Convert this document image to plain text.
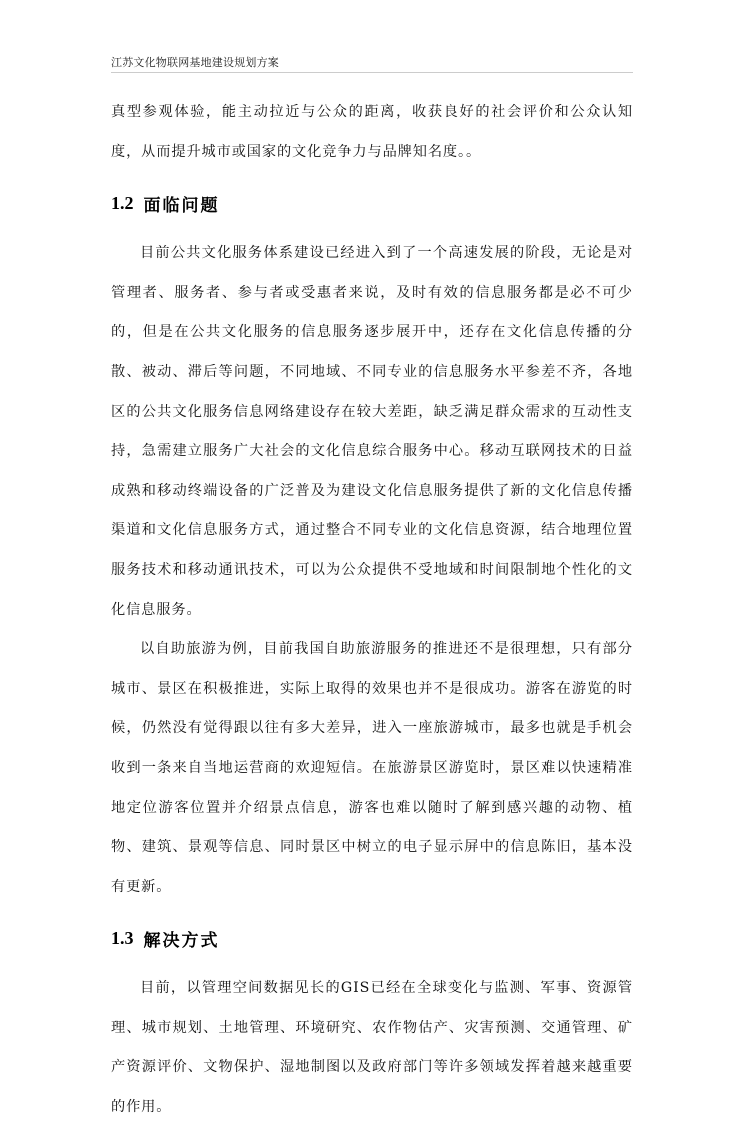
江苏文化物联网基地建设规划方案

真型参观体验，能主动拉近与公众的距离，收获良好的社会评价和公众认知度，从而提升城市或国家的文化竞争力与品牌知名度。。

1.2 面临问题

目前公共文化服务体系建设已经进入到了一个高速发展的阶段，无论是对管理者、服务者、参与者或受惠者来说，及时有效的信息服务都是必不可少的，但是在公共文化服务的信息服务逐步展开中，还存在文化信息传播的分散、被动、滞后等问题，不同地域、不同专业的信息服务水平参差不齐，各地区的公共文化服务信息网络建设存在较大差距，缺乏满足群众需求的互动性支持，急需建立服务广大社会的文化信息综合服务中心。移动互联网技术的日益成熟和移动终端设备的广泛普及为建设文化信息服务提供了新的文化信息传播渠道和文化信息服务方式，通过整合不同专业的文化信息资源，结合地理位置服务技术和移动通讯技术，可以为公众提供不受地域和时间限制地个性化的文化信息服务。

以自助旅游为例，目前我国自助旅游服务的推进还不是很理想，只有部分城市、景区在积极推进，实际上取得的效果也并不是很成功。游客在游览的时候，仍然没有觉得跟以往有多大差异，进入一座旅游城市，最多也就是手机会收到一条来自当地运营商的欢迎短信。在旅游景区游览时，景区难以快速精准地定位游客位置并介绍景点信息，游客也难以随时了解到感兴趣的动物、植物、建筑、景观等信息、同时景区中树立的电子显示屏中的信息陈旧，基本没有更新。

1.3 解决方式

目前，以管理空间数据见长的GIS已经在全球变化与监测、军事、资源管理、城市规划、土地管理、环境研究、农作物估产、灾害预测、交通管理、矿产资源评价、文物保护、湿地制图以及政府部门等许多领域发挥着越来越重要的作用。
